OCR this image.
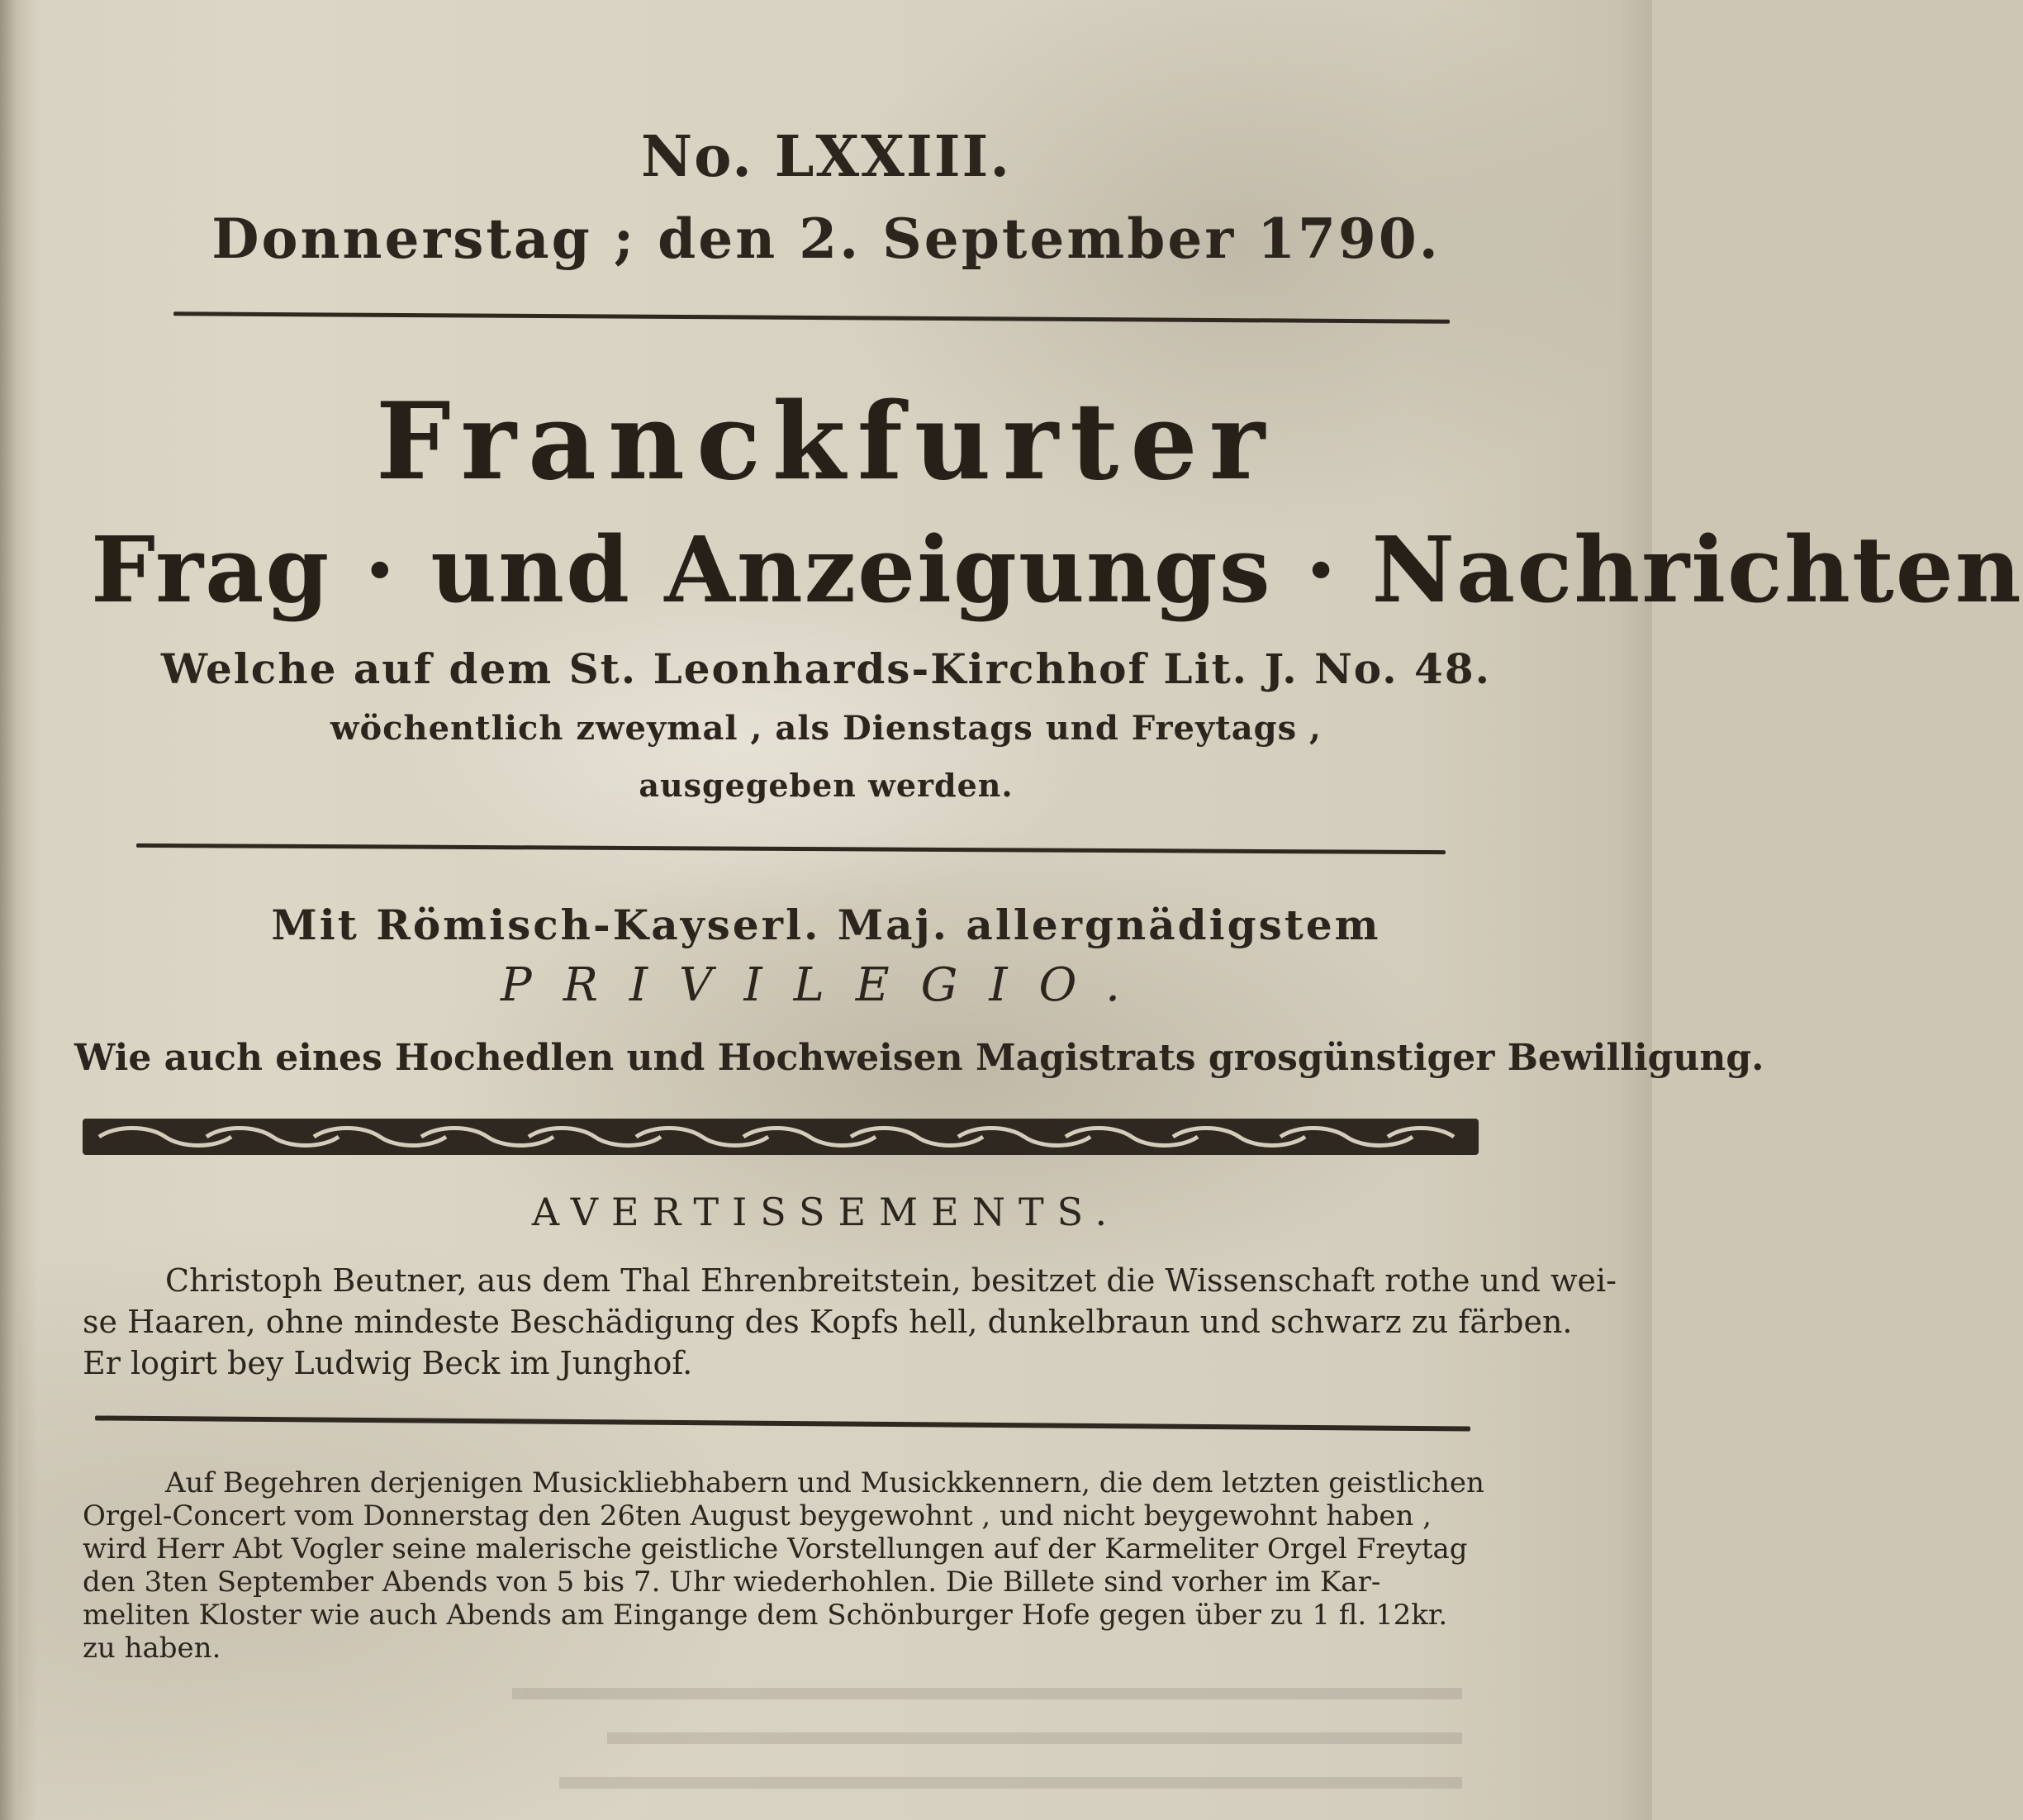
No. LXXIII.
Donnerstag ; den 2. September 1790.
Franckfurter
Frag · und Anzeigungs · Nachrichten
Welche auf dem St. Leonhards-Kirchhof Lit. J. No. 48.
wöchentlich zweymal , als Dienstags und Freytags ,
ausgegeben werden.
Mit Römisch-Kayserl. Maj. allergnädigstem
PRIVILEGIO.
Wie auch eines Hochedlen und Hochweisen Magistrats grosgünstiger Bewilligung.
AVERTISSEMENTS.
Christoph Beutner, aus dem Thal Ehrenbreitstein, besitzet die Wissenschaft rothe und wei-
se Haaren, ohne mindeste Beschädigung des Kopfs hell, dunkelbraun und schwarz zu färben.
Er logirt bey Ludwig Beck im Junghof.
Auf Begehren derjenigen Musickliebhabern und Musickkennern, die dem letzten geistlichen
Orgel-Concert vom Donnerstag den 26ten August beygewohnt , und nicht beygewohnt haben ,
wird Herr Abt Vogler seine malerische geistliche Vorstellungen auf der Karmeliter Orgel Freytag
den 3ten September Abends von 5 bis 7. Uhr wiederhohlen. Die Billete sind vorher im Kar-
meliten Kloster wie auch Abends am Eingange dem Schönburger Hofe gegen über zu 1 fl. 12kr.
zu haben.
